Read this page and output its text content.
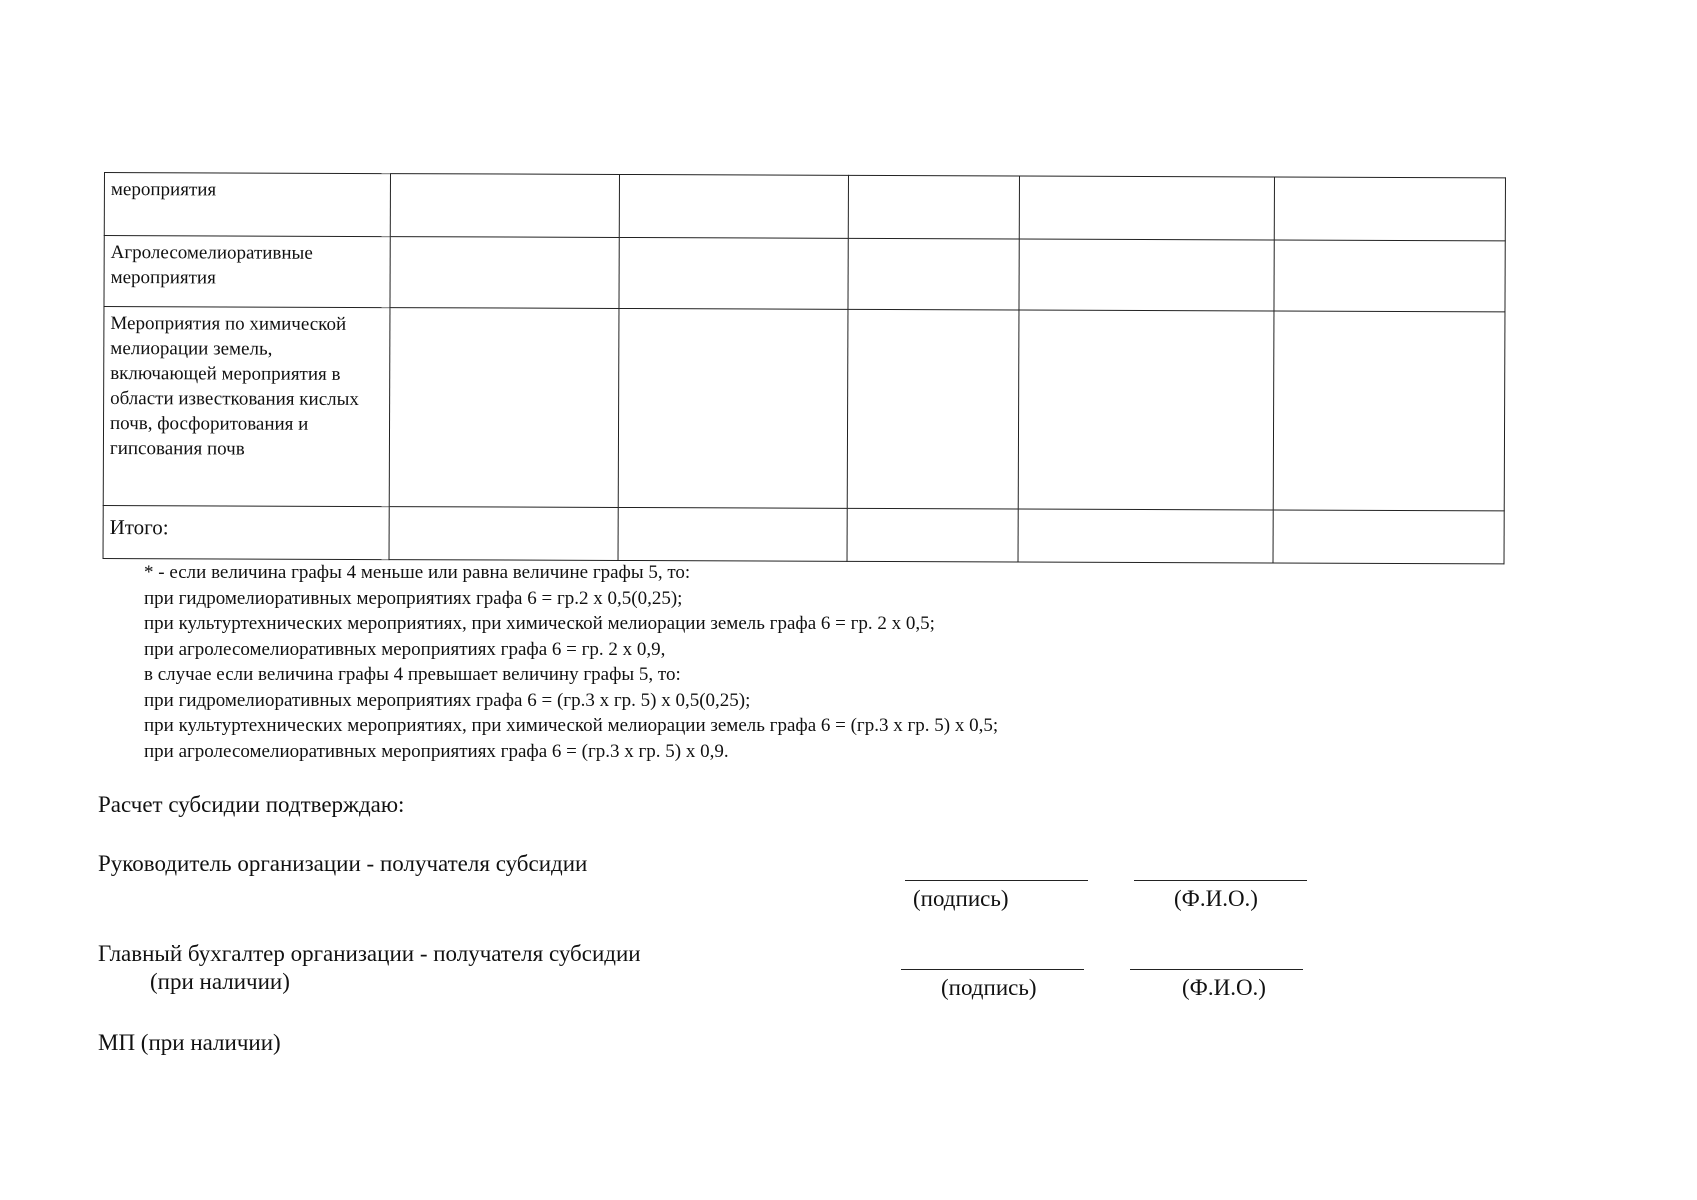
мероприятия					
Агролесомелиоративные мероприятия					
Мероприятия по химической мелиорации земель, включающей мероприятия в области известкования кислых почв, фосфоритования и гипсования почв					
Итого:					
* - если величина графы 4 меньше или равна величине графы 5, то:
при гидромелиоративных мероприятиях графа 6 = гр.2 х 0,5(0,25);
при культуртехнических мероприятиях, при химической мелиорации земель графа 6 = гр. 2 х 0,5;
при агролесомелиоративных мероприятиях графа 6 = гр. 2 х 0,9,
в случае если величина графы 4 превышает величину графы 5, то:
при гидромелиоративных мероприятиях графа 6 = (гр.3 х гр. 5) х 0,5(0,25);
при культуртехнических мероприятиях, при химической мелиорации земель графа 6 = (гр.3 х гр. 5) х 0,5;
при агролесомелиоративных мероприятиях графа 6 = (гр.3 х гр. 5) х 0,9.
Расчет субсидии подтверждаю:
Руководитель организации - получателя субсидии
(подпись)	(Ф.И.О.)
Главный бухгалтер организации - получателя субсидии
(при наличии)	(подпись)	(Ф.И.О.)
МП (при наличии)
